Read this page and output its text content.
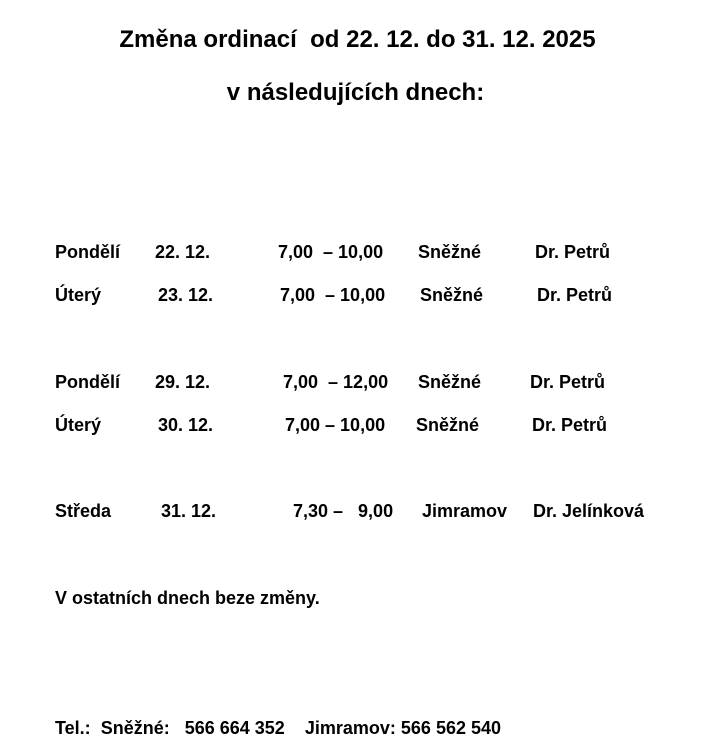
Změna ordinací  od 22. 12. do 31. 12. 2025
v následujících dnech:
Pondělí 22. 12.	7,00  – 10,00 Sněžné	Dr. Petrů
Úterý	23. 12.	7,00  – 10,00 Sněžné	Dr. Petrů
Pondělí 29. 12.	7,00  – 12,00 Sněžné	Dr. Petrů
Úterý	30. 12.	7,00 – 10,00 Sněžné	Dr. Petrů
Středa	31. 12.	7,30 –   9,00 Jimramov Dr. Jelínková
V ostatních dnech beze změny.
Tel.: Sněžné: 566 664 352 Jimramov: 566 562 540
